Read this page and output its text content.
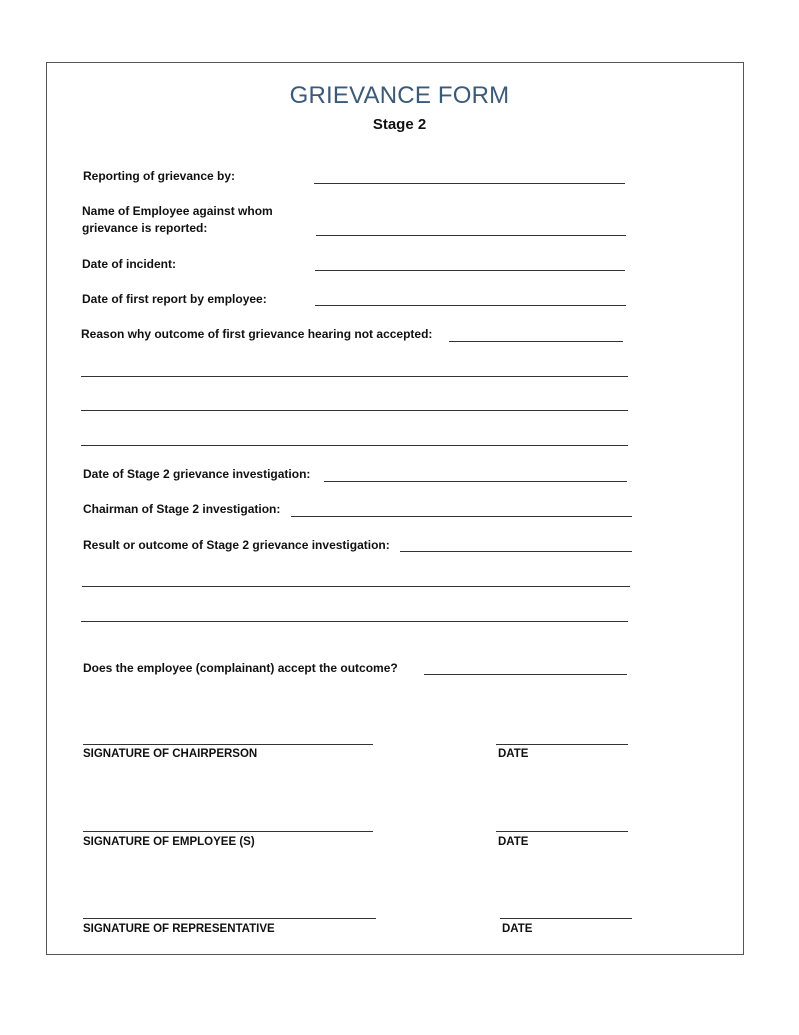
GRIEVANCE FORM
Stage 2
Reporting of grievance by:
Name of Employee against whom
grievance is reported:
Date of incident:
Date of first report by employee:
Reason why outcome of first grievance hearing not accepted:
Date of Stage 2 grievance investigation:
Chairman of Stage 2 investigation:
Result or outcome of Stage 2 grievance investigation:
Does the employee (complainant) accept the outcome?
SIGNATURE OF CHAIRPERSON	DATE
SIGNATURE OF EMPLOYEE (S)	DATE
SIGNATURE OF REPRESENTATIVE	DATE
